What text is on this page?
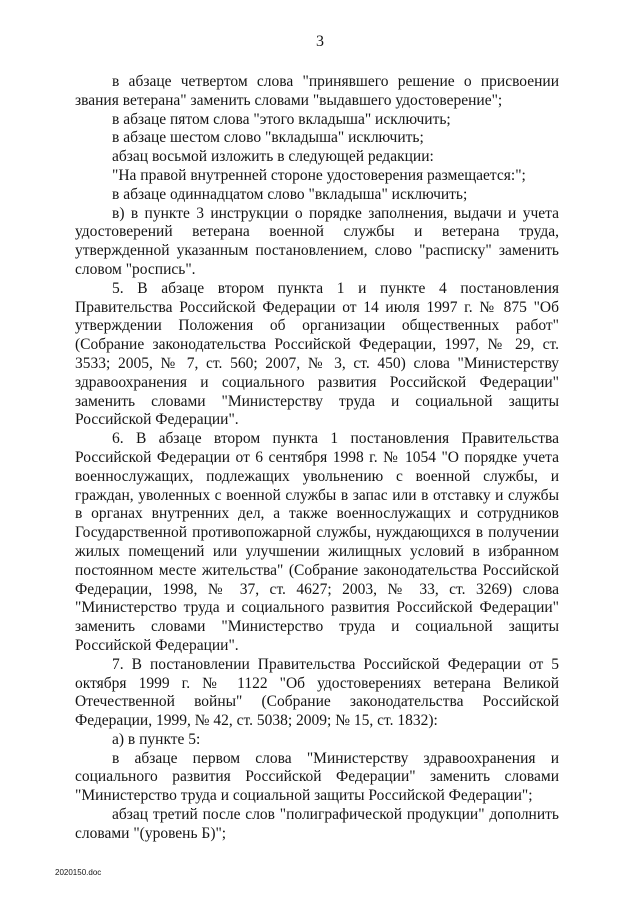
3

в абзаце четвертом слова "принявшего решение о присвоении звания ветерана" заменить словами "выдавшего удостоверение";

в абзаце пятом слова "этого вкладыша" исключить;

в абзаце шестом слово "вкладыша" исключить;

абзац восьмой изложить в следующей редакции:

"На правой внутренней стороне удостоверения размещается:";

в абзаце одиннадцатом слово "вкладыша" исключить;

в) в пункте 3 инструкции о порядке заполнения, выдачи и учета удостоверений ветерана военной службы и ветерана труда, утвержденной указанным постановлением, слово "расписку" заменить словом "роспись".

5. В абзаце втором пункта 1 и пункте 4 постановления Правительства Российской Федерации от 14 июля 1997 г. № 875 "Об утверждении Положения об организации общественных работ" (Собрание законодательства Российской Федерации, 1997, № 29, ст. 3533; 2005, № 7, ст. 560; 2007, № 3, ст. 450) слова "Министерству здравоохранения и социального развития Российской Федерации" заменить словами "Министерству труда и социальной защиты Российской Федерации".

6. В абзаце втором пункта 1 постановления Правительства Российской Федерации от 6 сентября 1998 г. № 1054 "О порядке учета военнослужащих, подлежащих увольнению с военной службы, и граждан, уволенных с военной службы в запас или в отставку и службы в органах внутренних дел, а также военнослужащих и сотрудников Государственной противопожарной службы, нуждающихся в получении жилых помещений или улучшении жилищных условий в избранном постоянном месте жительства" (Собрание законодательства Российской Федерации, 1998, № 37, ст. 4627; 2003, № 33, ст. 3269) слова "Министерство труда и социального развития Российской Федерации" заменить словами "Министерство труда и социальной защиты Российской Федерации".

7. В постановлении Правительства Российской Федерации от 5 октября 1999 г. № 1122 "Об удостоверениях ветерана Великой Отечественной войны" (Собрание законодательства Российской Федерации, 1999, № 42, ст. 5038; 2009; № 15, ст. 1832):

а) в пункте 5:

в абзаце первом слова "Министерству здравоохранения и социального развития Российской Федерации" заменить словами "Министерство труда и социальной защиты Российской Федерации";

абзац третий после слов "полиграфической продукции" дополнить словами "(уровень Б)";

2020150.doc
